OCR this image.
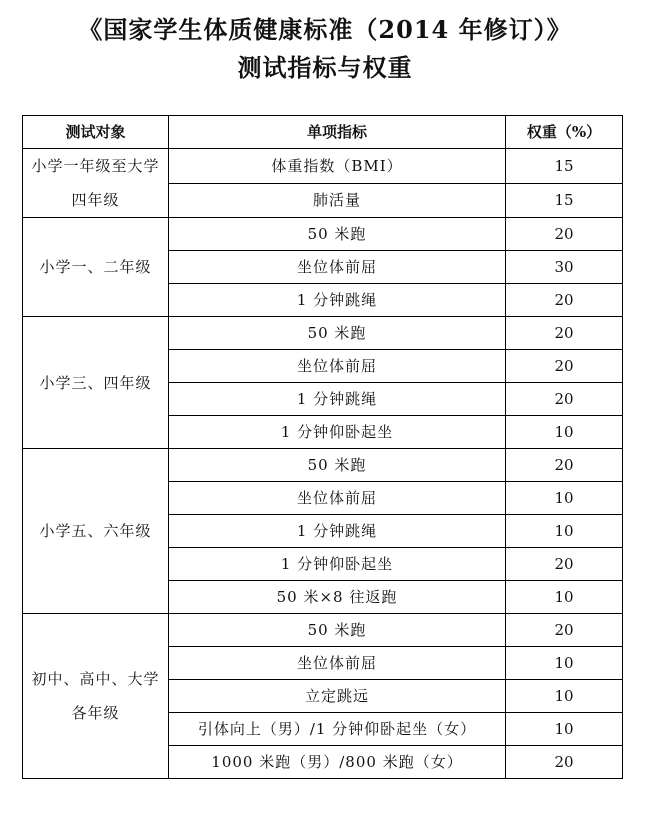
《国家学生体质健康标准（2014 年修订）》
测试指标与权重
测试对象	单项指标	权重（%）
小学一年级至大学四年级	体重指数（BMI）	15
	肺活量	15
小学一、二年级	50 米跑	20
	坐位体前屈	30
	1 分钟跳绳	20
小学三、四年级	50 米跑	20
	坐位体前屈	20
	1 分钟跳绳	20
	1 分钟仰卧起坐	10
小学五、六年级	50 米跑	20
	坐位体前屈	10
	1 分钟跳绳	10
	1 分钟仰卧起坐	20
	50 米×8 往返跑	10
初中、高中、大学各年级	50 米跑	20
	坐位体前屈	10
	立定跳远	10
	引体向上（男）/1 分钟仰卧起坐（女）	10
	1000 米跑（男）/800 米跑（女）	20
